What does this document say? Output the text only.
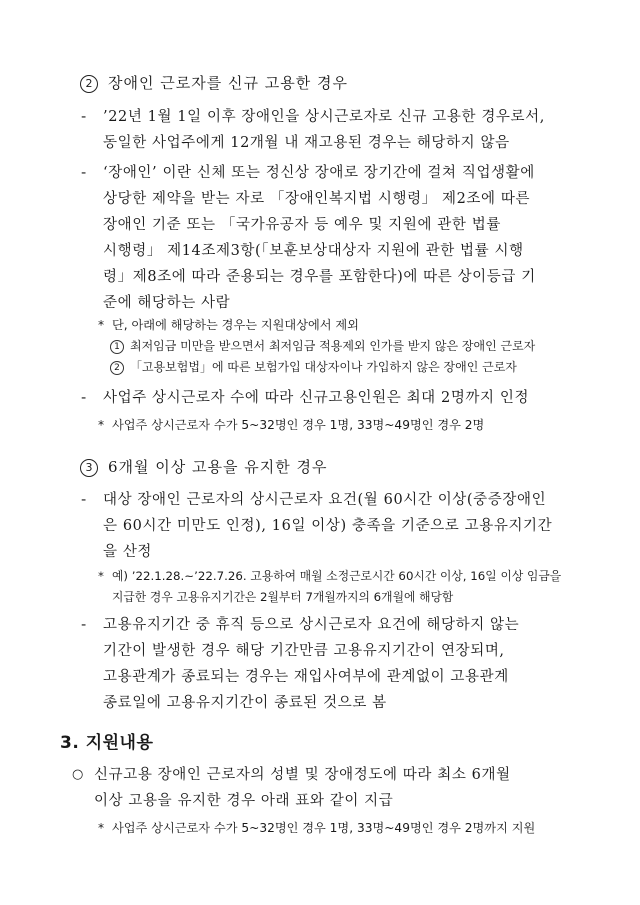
2 장애인 근로자를 신규 고용한 경우
- ’22년 1월 1일 이후 장애인을 상시근로자로 신규 고용한 경우로서,

동일한 사업주에게 12개월 내 재고용된 경우는 해당하지 않음

- ‘장애인’ 이란 신체 또는 정신상 장애로 장기간에 걸쳐 직업생활에

상당한 제약을 받는 자로 「장애인복지법 시행령」 제2조에 따른

장애인 기준 또는 「국가유공자 등 예우 및 지원에 관한 법률

시행령」 제14조제3항(「보훈보상대상자 지원에 관한 법률 시행

령」제8조에 따라 준용되는 경우를 포함한다)에 따른 상이등급 기

준에 해당하는 사람

* 단, 아래에 해당하는 경우는 지원대상에서 제외
1 최저임금 미만을 받으면서 최저임금 적용제외 인가를 받지 않은 장애인 근로자
2 「고용보험법」에 따른 보험가입 대상자이나 가입하지 않은 장애인 근로자
- 사업주 상시근로자 수에 따라 신규고용인원은 최대 2명까지 인정

* 사업주 상시근로자 수가 5~32명인 경우 1명, 33명~49명인 경우 2명
3 6개월 이상 고용을 유지한 경우
- 대상 장애인 근로자의 상시근로자 요건(월 60시간 이상(중증장애인

은 60시간 미만도 인정), 16일 이상) 충족을 기준으로 고용유지기간

을 산정

* 예) ’22.1.28.~’22.7.26. 고용하여 매월 소정근로시간 60시간 이상, 16일 이상 임금을
지급한 경우 고용유지기간은 2월부터 7개월까지의 6개월에 해당함
- 고용유지기간 중 휴직 등으로 상시근로자 요건에 해당하지 않는

기간이 발생한 경우 해당 기간만큼 고용유지기간이 연장되며,

고용관계가 종료되는 경우는 재입사여부에 관계없이 고용관계

종료일에 고용유지기간이 종료된 것으로 봄

3. 지원내용
○ 신규고용 장애인 근로자의 성별 및 장애정도에 따라 최소 6개월

이상 고용을 유지한 경우 아래 표와 같이 지급

* 사업주 상시근로자 수가 5~32명인 경우 1명, 33명~49명인 경우 2명까지 지원
